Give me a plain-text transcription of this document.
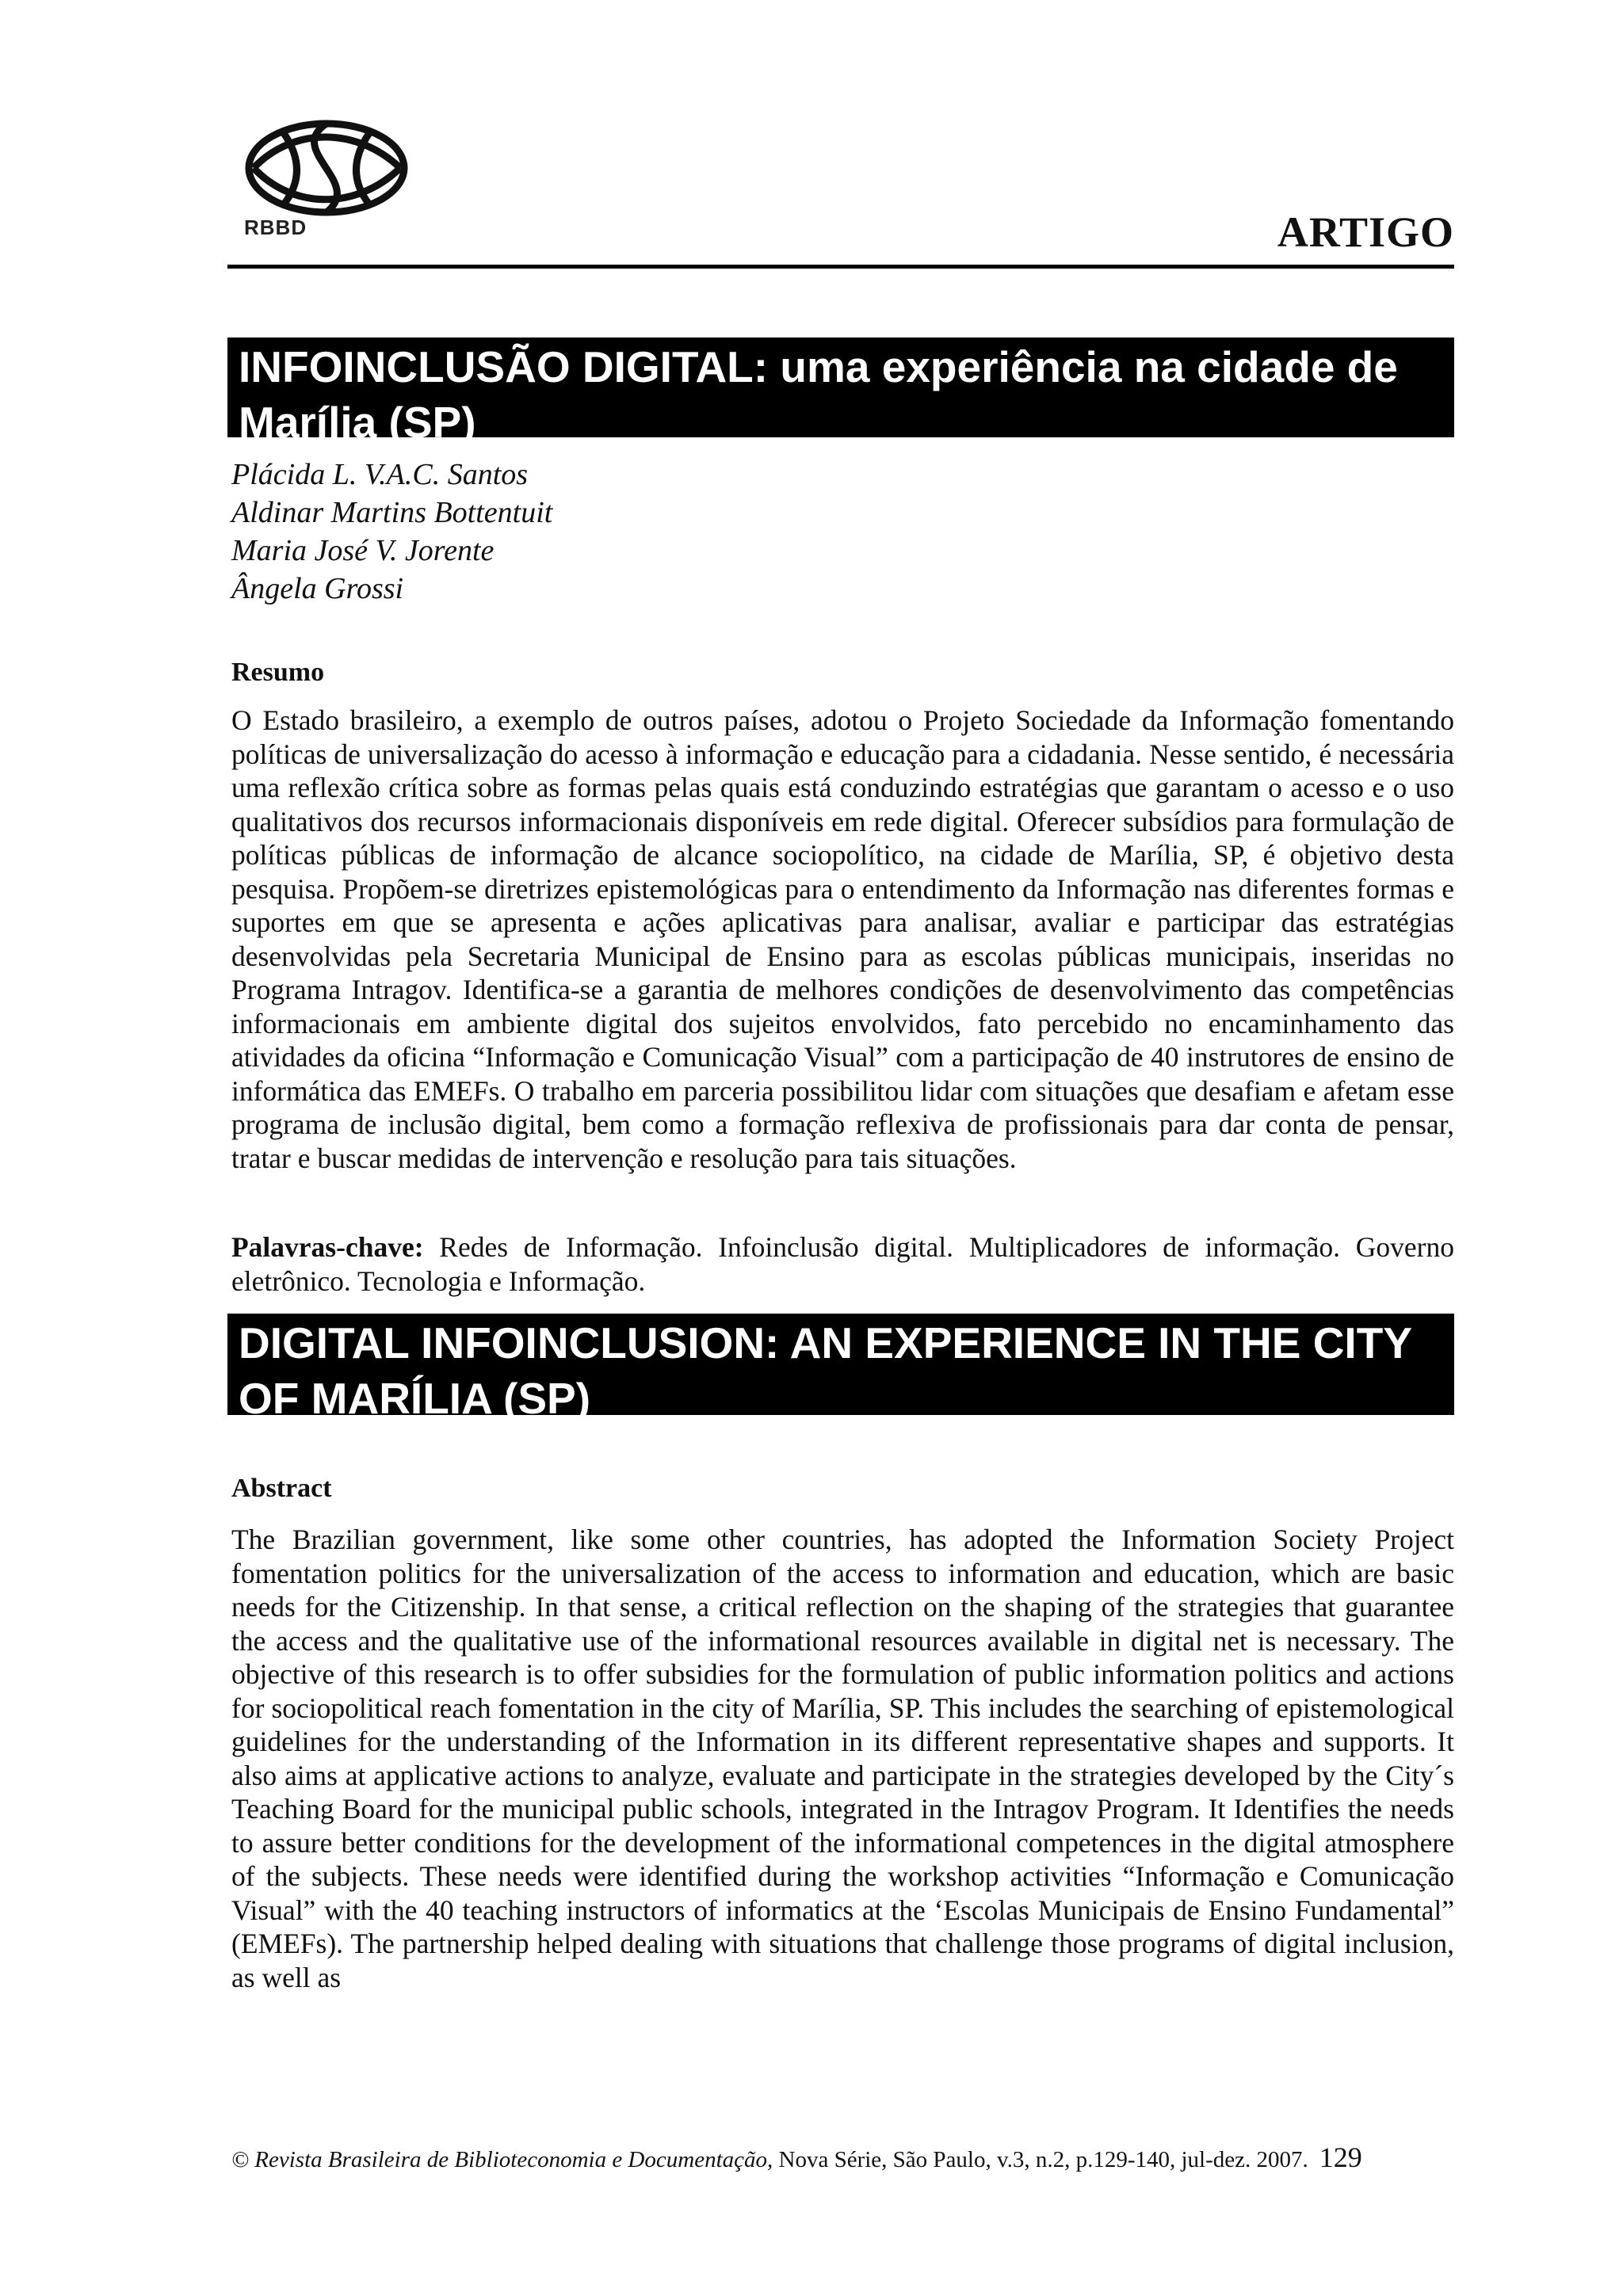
RBBD	ARTIGO
INFOINCLUSÃO DIGITAL: uma experiência na cidade de
Marília (SP)
Plácida L. V.A.C. Santos
Aldinar Martins Bottentuit
Maria José V. Jorente
Ângela Grossi
Resumo

O Estado brasileiro, a exemplo de outros países, adotou o Projeto Sociedade da Informação fomentando políticas de universalização do acesso à informação e educação para a cidadania. Nesse sentido, é necessária uma reflexão crítica sobre as formas pelas quais está conduzindo estratégias que garantam o acesso e o uso qualitativos dos recursos informacionais disponíveis em rede digital. Oferecer subsídios para formulação de políticas públicas de informação de alcance sociopolítico, na cidade de Marília, SP, é objetivo desta pesquisa. Propõem-se diretrizes epistemológicas para o entendimento da Informação nas diferentes formas e suportes em que se apresenta e ações aplicativas para analisar, avaliar e participar das estratégias desenvolvidas pela Secretaria Municipal de Ensino para as escolas públicas municipais, inseridas no Programa Intragov. Identifica-se a garantia de melhores condições de desenvolvimento das competências informacionais em ambiente digital dos sujeitos envolvidos, fato percebido no encaminhamento das atividades da oficina “Informação e Comunicação Visual” com a participação de 40 instrutores de ensino de informática das EMEFs. O trabalho em parceria possibilitou lidar com situações que desafiam e afetam esse programa de inclusão digital, bem como a formação reflexiva de profissionais para dar conta de pensar, tratar e buscar medidas de intervenção e resolução para tais situações.

Palavras-chave: Redes de Informação. Infoinclusão digital. Multiplicadores de informação. Governo eletrônico. Tecnologia e Informação.

DIGITAL INFOINCLUSION: AN EXPERIENCE IN THE CITY
OF MARÍLIA (SP)
Abstract

The Brazilian government, like some other countries, has adopted the Information Society Project fomentation politics for the universalization of the access to information and education, which are basic needs for the Citizenship. In that sense, a critical reflection on the shaping of the strategies that guarantee the access and the qualitative use of the informational resources available in digital net is necessary. The objective of this research is to offer subsidies for the formulation of public information politics and actions for sociopolitical reach fomentation in the city of Marília, SP. This includes the searching of epistemological guidelines for the understanding of the Information in its different representative shapes and supports. It also aims at applicative actions to analyze, evaluate and participate in the strategies developed by the City´s Teaching Board for the municipal public schools, integrated in the Intragov Program. It Identifies the needs to assure better conditions for the development of the informational competences in the digital atmosphere of the subjects. These needs were identified during the workshop activities “Informação e Comunicação Visual” with the 40 teaching instructors of informatics at the ‘Escolas Municipais de Ensino Fundamental” (EMEFs). The partnership helped dealing with situations that challenge those programs of digital inclusion, as well as

© Revista Brasileira de Biblioteconomia e Documentação, Nova Série, São Paulo, v.3, n.2, p.129-140, jul-dez. 2007. 129
